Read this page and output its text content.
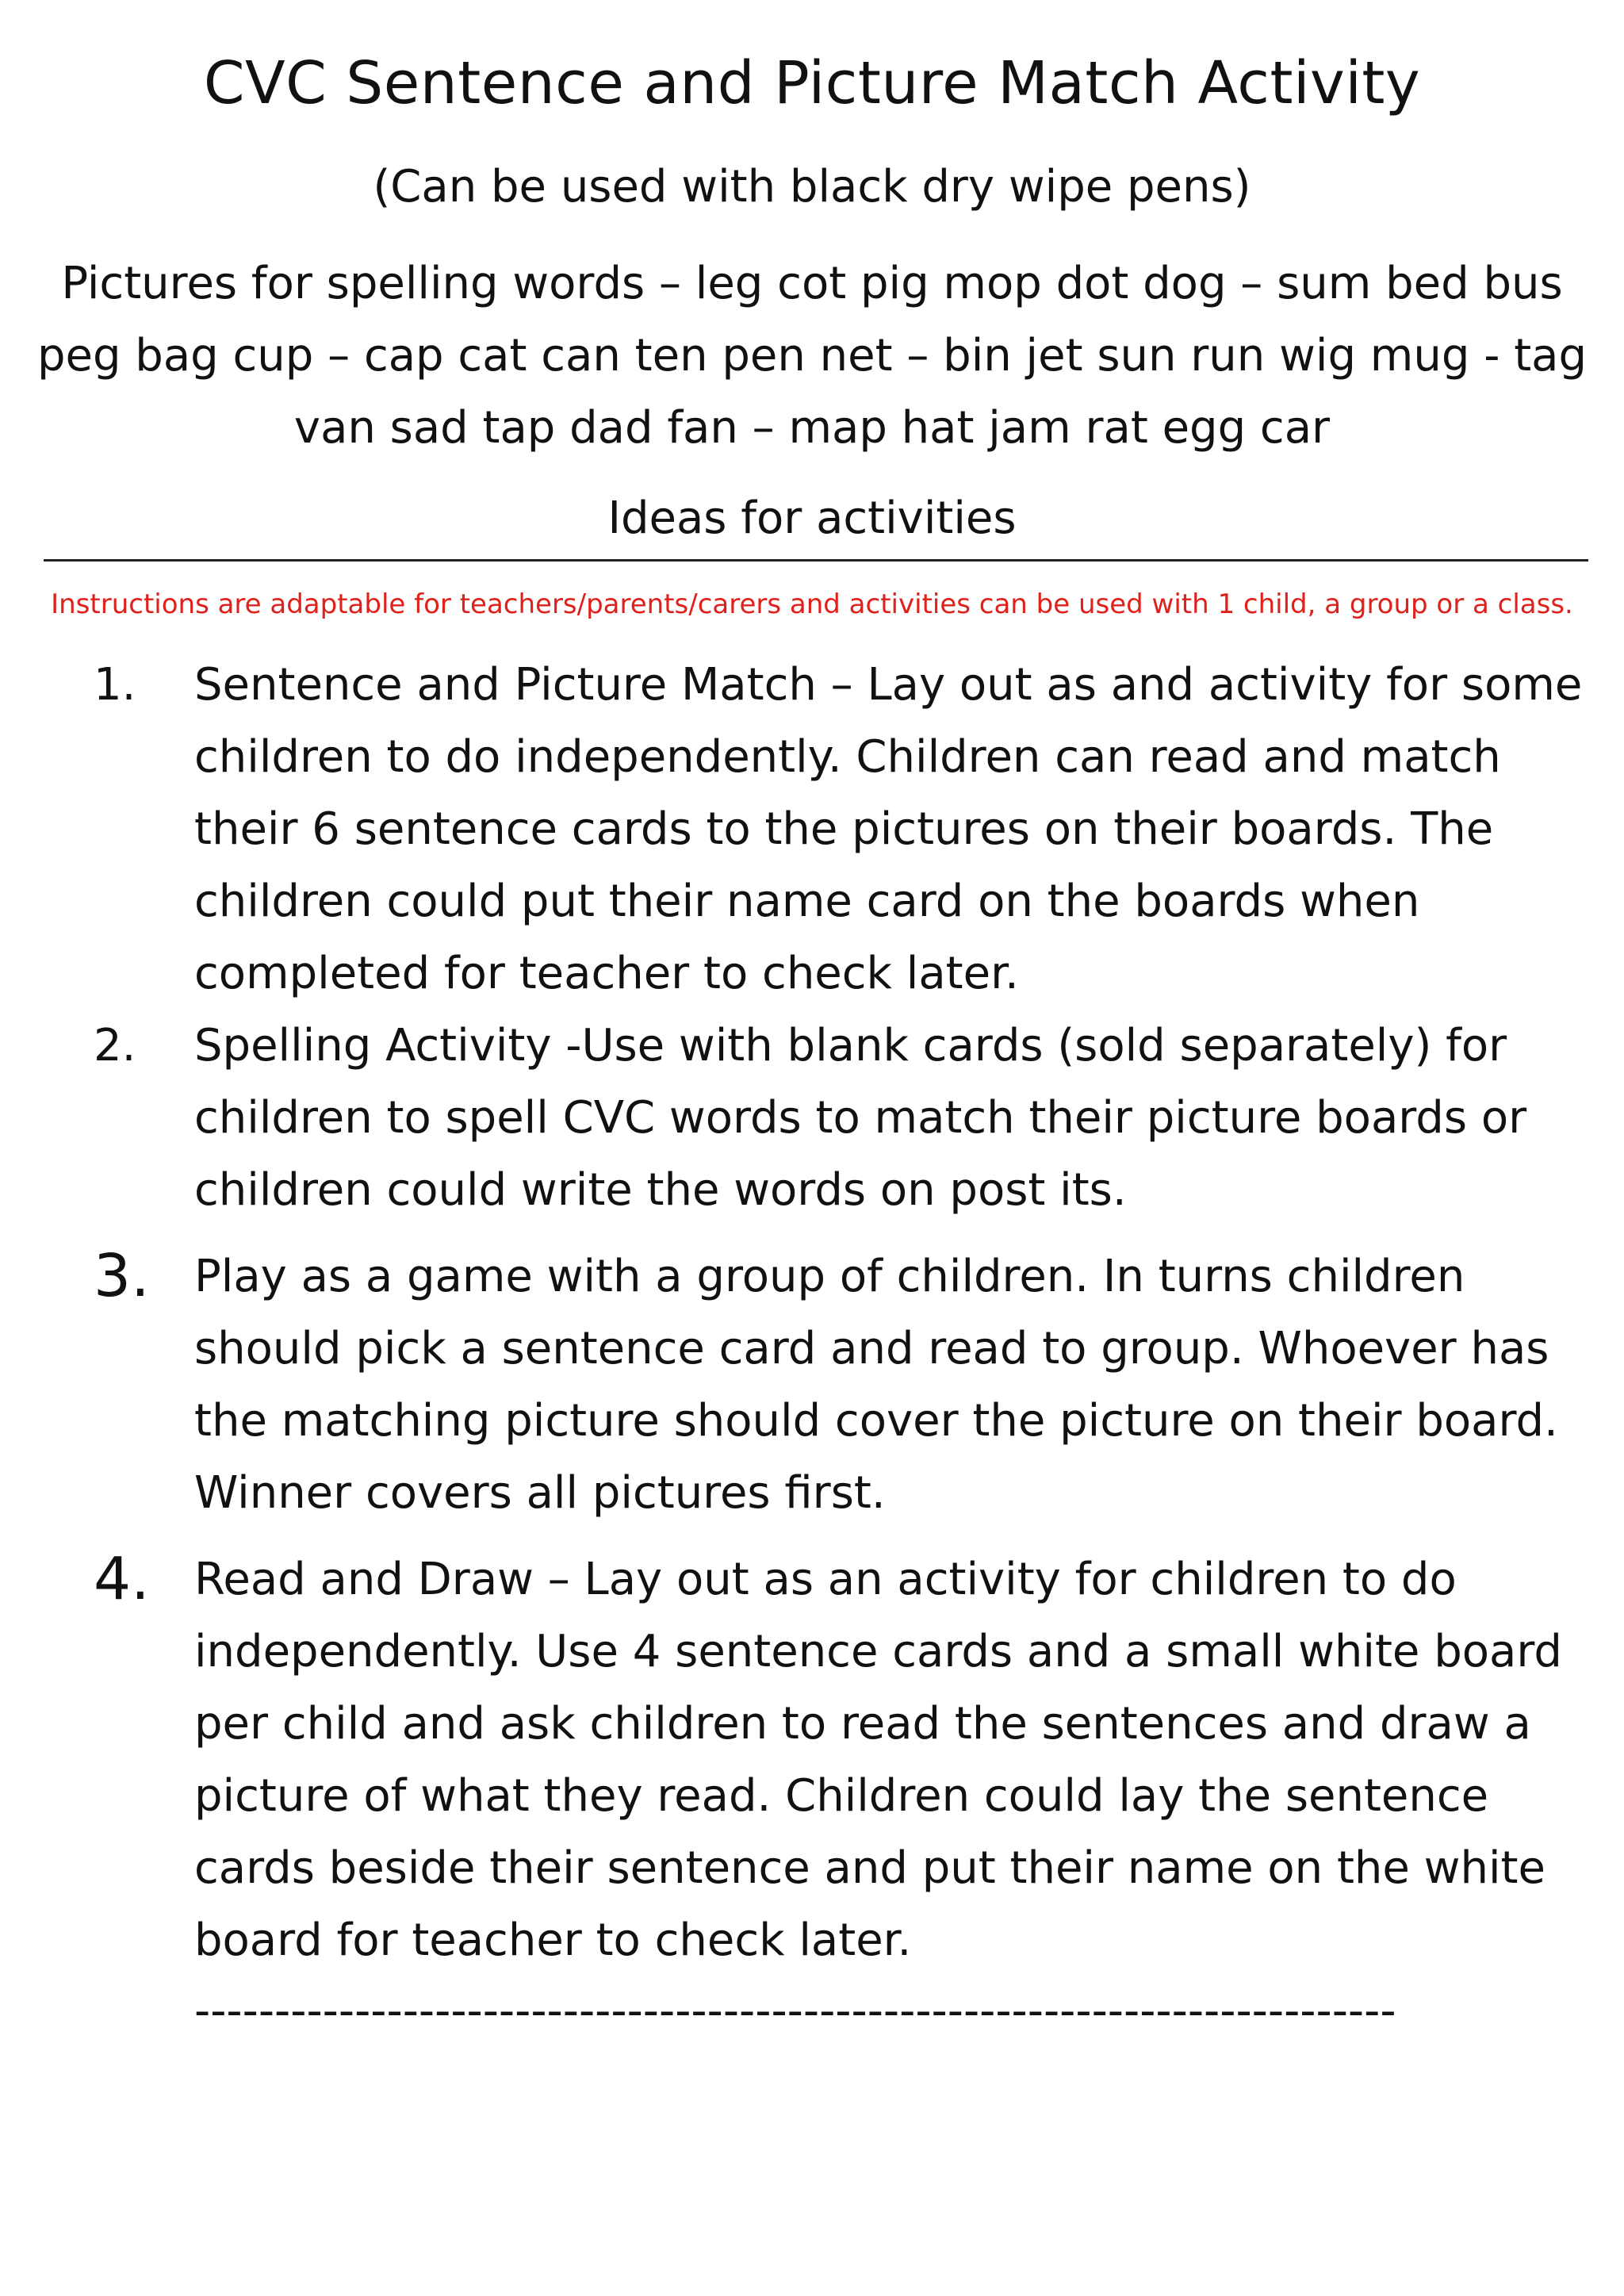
CVC Sentence and Picture Match Activity
(Can be used with black dry wipe pens)
Pictures for spelling words – leg cot pig mop dot dog – sum bed bus
peg bag cup – cap cat can ten pen net – bin jet sun run wig mug - tag
van sad tap dad fan – map hat jam rat egg car
Ideas for activities
Instructions are adaptable for teachers/parents/carers and activities can be used with 1 child, a group or a class.
1.	Sentence and Picture Match – Lay out as and activity for some
children to do independently. Children can read and match
their 6 sentence cards to the pictures on their boards. The
children could put their name card on the boards when
completed for teacher to check later.
2.	Spelling Activity -Use with blank cards (sold separately) for
children to spell CVC words to match their picture boards or
children could write the words on post its.
3.	Play as a game with a group of children. In turns children
should pick a sentence card and read to group. Whoever has
the matching picture should cover the picture on their board.
Winner covers all pictures first.
4.	Read and Draw – Lay out as an activity for children to do
independently. Use 4 sentence cards and a small white board
per child and ask children to read the sentences and draw a
picture of what they read. Children could lay the sentence
cards beside their sentence and put their name on the white
board for teacher to check later.
---------------------------------------------------------------------------
